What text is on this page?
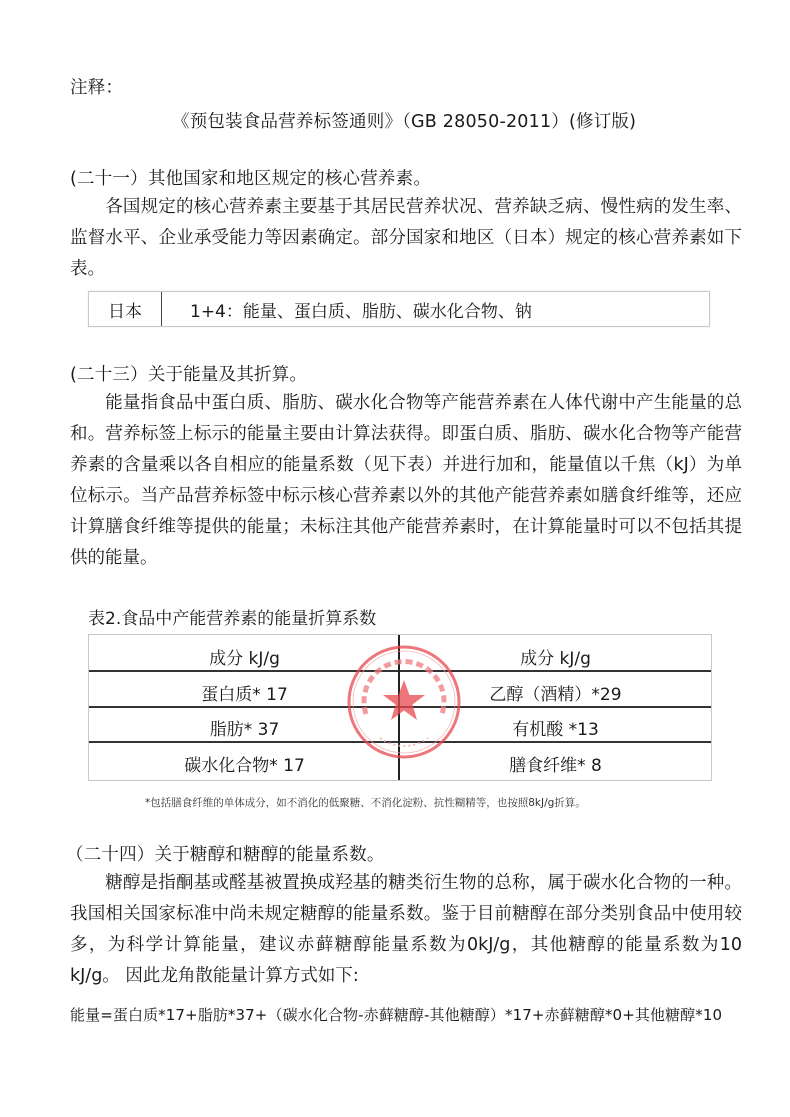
注释：
《预包装食品营养标签通则》（GB 28050-2011）(修订版)
(二十一）其他国家和地区规定的核心营养素。
各国规定的核心营养素主要基于其居民营养状况、营养缺乏病、慢性病的发生率、监督水平、企业承受能力等因素确定。部分国家和地区（日本）规定的核心营养素如下表。
日本	1+4：能量、蛋白质、脂肪、碳水化合物、钠
(二十三）关于能量及其折算。
能量指食品中蛋白质、脂肪、碳水化合物等产能营养素在人体代谢中产生能量的总和。营养标签上标示的能量主要由计算法获得。即蛋白质、脂肪、碳水化合物等产能营养素的含量乘以各自相应的能量系数（见下表）并进行加和，能量值以千焦（kJ）为单位标示。当产品营养标签中标示核心营养素以外的其他产能营养素如膳食纤维等，还应计算膳食纤维等提供的能量；未标注其他产能营养素时，在计算能量时可以不包括其提供的能量。
表2.食品中产能营养素的能量折算系数
成分 kJ/g	成分 kJ/g
蛋白质* 17	乙醇（酒精）*29
脂肪* 37	有机酸 *13
碳水化合物* 17	膳食纤维* 8
*包括膳食纤维的单体成分，如不消化的低聚糖、不消化淀粉、抗性糊精等，也按照8kJ/g折算。
（二十四）关于糖醇和糖醇的能量系数。
糖醇是指酮基或醛基被置换成羟基的糖类衍生物的总称，属于碳水化合物的一种。我国相关国家标准中尚未规定糖醇的能量系数。鉴于目前糖醇在部分类别食品中使用较多，为科学计算能量，建议赤藓糖醇能量系数为0kJ/g，其他糖醇的能量系数为10 kJ/g。 因此龙角散能量计算方式如下:
能量=蛋白质*17+脂肪*37+（碳水化合物-赤藓糖醇-其他糖醇）*17+赤藓糖醇*0+其他糖醇*10
